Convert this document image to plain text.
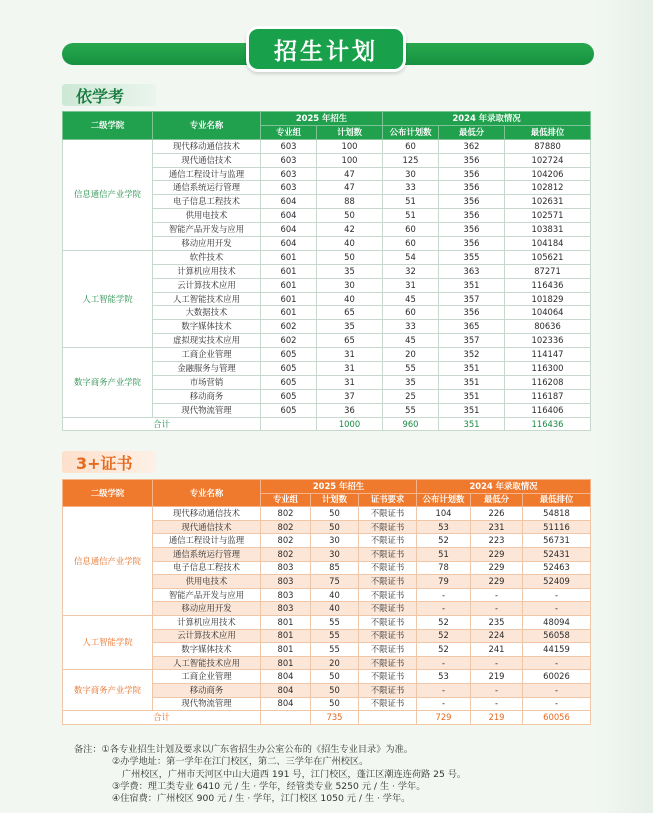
招生计划
依学考
二级学院	专业名称	2025 年招生		2024 年录取情况		
		专业组	计划数	公布计划数	最低分	最低排位
信息通信产业学院	现代移动通信技术	603	100	60	362	87880
	现代通信技术	603	100	125	356	102724
	通信工程设计与监理	603	47	30	356	104206
	通信系统运行管理	603	47	33	356	102812
	电子信息工程技术	604	88	51	356	102631
	供用电技术	604	50	51	356	102571
	智能产品开发与应用	604	42	60	356	103831
	移动应用开发	604	40	60	356	104184
人工智能学院	软件技术	601	50	54	355	105621
	计算机应用技术	601	35	32	363	87271
	云计算技术应用	601	30	31	351	116436
	人工智能技术应用	601	40	45	357	101829
	大数据技术	601	65	60	356	104064
	数字媒体技术	602	35	33	365	80636
	虚拟现实技术应用	602	65	45	357	102336
数字商务产业学院	工商企业管理	605	31	20	352	114147
	金融服务与管理	605	31	55	351	116300
	市场营销	605	31	35	351	116208
	移动商务	605	37	25	351	116187
	现代物流管理	605	36	55	351	116406
合计			1000	960	351	116436
3+证书
二级学院	专业名称	2025 年招生			2024 年录取情况		
		专业组	计划数	证书要求	公布计划数	最低分	最低排位
信息通信产业学院	现代移动通信技术	802	50	不限证书	104	226	54818
	现代通信技术	802	50	不限证书	53	231	51116
	通信工程设计与监理	802	30	不限证书	52	223	56731
	通信系统运行管理	802	30	不限证书	51	229	52431
	电子信息工程技术	803	85	不限证书	78	229	52463
	供用电技术	803	75	不限证书	79	229	52409
	智能产品开发与应用	803	40	不限证书	-	-	-
	移动应用开发	803	40	不限证书	-	-	-
人工智能学院	计算机应用技术	801	55	不限证书	52	235	48094
	云计算技术应用	801	55	不限证书	52	224	56058
	数字媒体技术	801	55	不限证书	52	241	44159
	人工智能技术应用	801	20	不限证书	-	-	-
数字商务产业学院	工商企业管理	804	50	不限证书	53	219	60026
	移动商务	804	50	不限证书	-	-	-
	现代物流管理	804	50	不限证书	-	-	-
合计			735		729	219	60056
备注：①各专业招生计划及要求以广东省招生办公室公布的《招生专业目录》为准。
②办学地址：第一学年在江门校区，第二、三学年在广州校区。
广州校区，广州市天河区中山大道西 191 号，江门校区，蓬江区潮连连荷路 25 号。
③学费：理工类专业 6410 元 / 生 · 学年，经管类专业 5250 元 / 生 · 学年。
④住宿费：广州校区 900 元 / 生 · 学年，江门校区 1050 元 / 生 · 学年。
